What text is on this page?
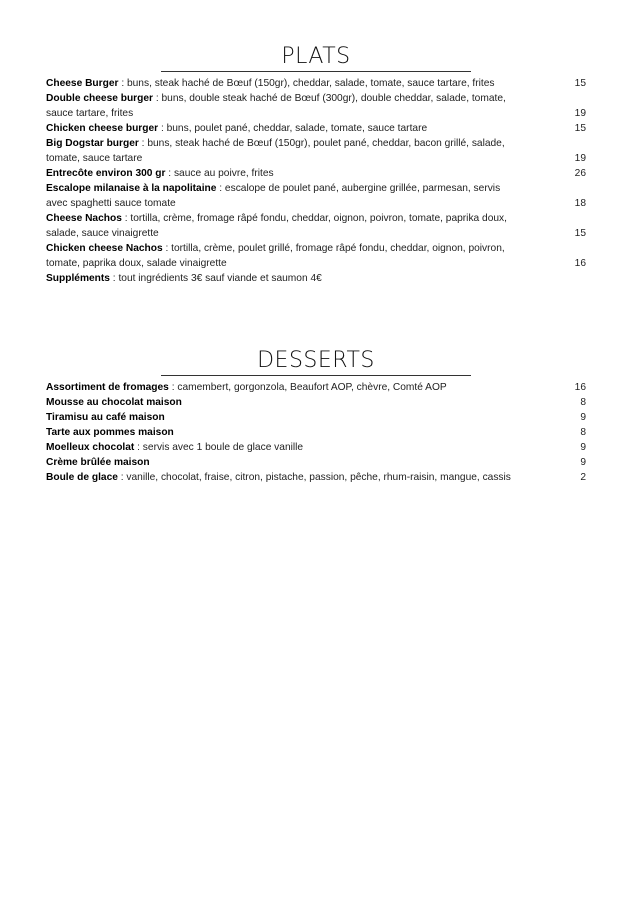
PLATS
Cheese Burger : buns, steak haché de Bœuf (150gr), cheddar, salade, tomate, sauce tartare, frites	15
Double cheese burger : buns, double steak haché de Bœuf (300gr), double cheddar, salade, tomate, sauce tartare, frites	19
Chicken cheese burger : buns, poulet pané, cheddar, salade, tomate, sauce tartare	15
Big Dogstar burger : buns, steak haché de Bœuf (150gr), poulet pané, cheddar, bacon grillé, salade, tomate, sauce tartare	19
Entrecôte environ 300 gr : sauce au poivre, frites	26
Escalope milanaise à la napolitaine : escalope de poulet pané, aubergine grillée, parmesan, servis avec spaghetti sauce tomate	18
Cheese Nachos : tortilla, crème, fromage râpé fondu, cheddar, oignon, poivron, tomate, paprika doux, salade, sauce vinaigrette	15
Chicken cheese Nachos : tortilla, crème, poulet grillé, fromage râpé fondu, cheddar, oignon, poivron, tomate, paprika doux, salade vinaigrette	16
Suppléments : tout ingrédients 3€ sauf viande et saumon 4€
DESSERTS
Assortiment de fromages : camembert, gorgonzola, Beaufort AOP, chèvre, Comté AOP	16
Mousse au chocolat maison	8
Tiramisu au café maison	9
Tarte aux pommes maison	8
Moelleux chocolat : servis avec 1 boule de glace vanille	9
Crème brûlée maison	9
Boule de glace : vanille, chocolat, fraise, citron, pistache, passion, pêche, rhum-raisin, mangue, cassis	2
